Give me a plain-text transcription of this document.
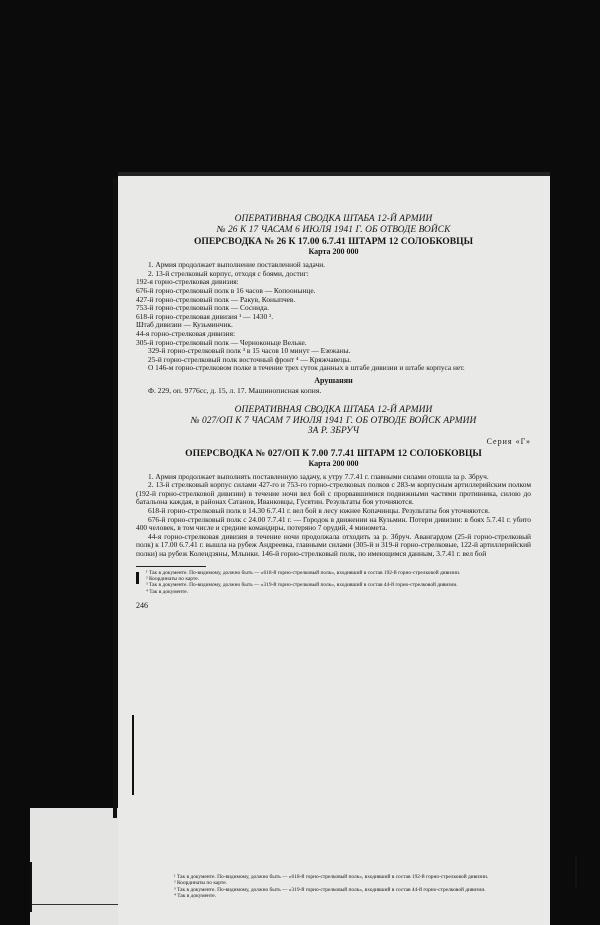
ОПЕРАТИВНАЯ СВОДКА ШТАБА 12-Й АРМИИ
№ 26 К 17 ЧАСАМ 6 ИЮЛЯ 1941 Г. ОБ ОТВОДЕ ВОЙСК
ОПЕРСВОДКА № 26 К 17.00 6.7.41 ШТАРМ 12 СОЛОБКОВЦЫ
Карта 200 000

1. Армия продолжает выполнение поставленной задачи.

2. 13-й стрелковый корпус, отходя с боями, достиг:

192-я горно-стрелковая дивизия:

676-й горно-стрелковый полк в 16 часов — Копоонынце.

427-й горно-стрелковый полк — Ракув, Коныпчев.

753-й горно-стрелковый полк — Соснида.

618-й горно-стрелковая дивизия ¹ — 1430 ².

Штаб дивизии — Кузьминчик.

44-я горно-стрелковая дивизия:

305-й горно-стрелковый полк — Черноконьце Вельке.

329-й горно-стрелковый полк ³ в 15 часов 10 минут — Езежаны.

25-й горно-стрелковый полк восточный фронт ⁴ — Кряжчавецы.

О 146-м горно-стрелковом полке в течение трех суток данных в штабе дивизии и штабе корпуса нет.

Арушанян

Ф. 229, оп. 9776сс, д. 15, л. 17. Машинописная копия.

ОПЕРАТИВНАЯ СВОДКА ШТАБА 12-Й АРМИИ
№ 027/ОП К 7 ЧАСАМ 7 ИЮЛЯ 1941 Г. ОБ ОТВОДЕ ВОЙСК АРМИИ
ЗА Р. ЗБРУЧ
Серия «Г»
ОПЕРСВОДКА № 027/ОП К 7.00 7.7.41 ШТАРМ 12 СОЛОБКОВЦЫ
Карта 200 000

1. Армия продолжает выполнять поставленную задачу, к утру 7.7.41 г. главными силами отошла за р. Збруч.

2. 13-й стрелковый корпус силами 427-го и 753-го горно-стрелковых полков с 283-м корпусным артиллерийским полком (192-й горно-стрелковой дивизии) в течение ночи вел бой с прорвавшимися подвижными частями противника, силою до батальона каждая, в районах Сатанов, Иванковцы, Гусятин. Результаты боя уточняются.

618-й горно-стрелковый полк в 14.30 6.7.41 г. вел бой в лесу южнее Копачинцы. Результаты боя уточняются.

676-й горно-стрелковый полк с 24.00 7.7.41 г. — Городок в движении на Кузьмин. Потери дивизии: в боях 5.7.41 г. убито 400 человек, в том числе и средние командиры, потеряно 7 орудий, 4 миномета.

44-я горно-стрелковая дивизия в течение ночи продолжала отходить за р. Збруч. Авангардом (25-й горно-стрелковый полк) к 17.00 6.7.41 г. вышла на рубеж Андреевка, главными силами (305-й и 319-й горно-стрелковые, 122-й артиллерийский полки) на рубеж Колендзяны, Млынки. 146-й горно-стрелковый полк, по имеющимся данным, 3.7.41 г. вел бой

¹ Так в документе. По-видимому, должно быть — «618-й горно-стрелковый полк», входивший в состав 192-й горно-стрелковой дивизии.

² Координаты по карте.

³ Так в документе. По-видимому, должно быть — «319-й горно-стрелковый полк», входивший в состав 44-й горно-стрелковой дивизии.

⁴ Так в документе.

246

¹ Так в документе. По-видимому, должно быть — «618-й горно-стрелковый полк», входивший в состав 192-й горно-стрелковой дивизии.

² Координаты по карте.

³ Так в документе. По-видимому, должно быть — «319-й горно-стрелковый полк», входивший в состав 44-й горно-стрелковой дивизии.

⁴ Так в документе.
